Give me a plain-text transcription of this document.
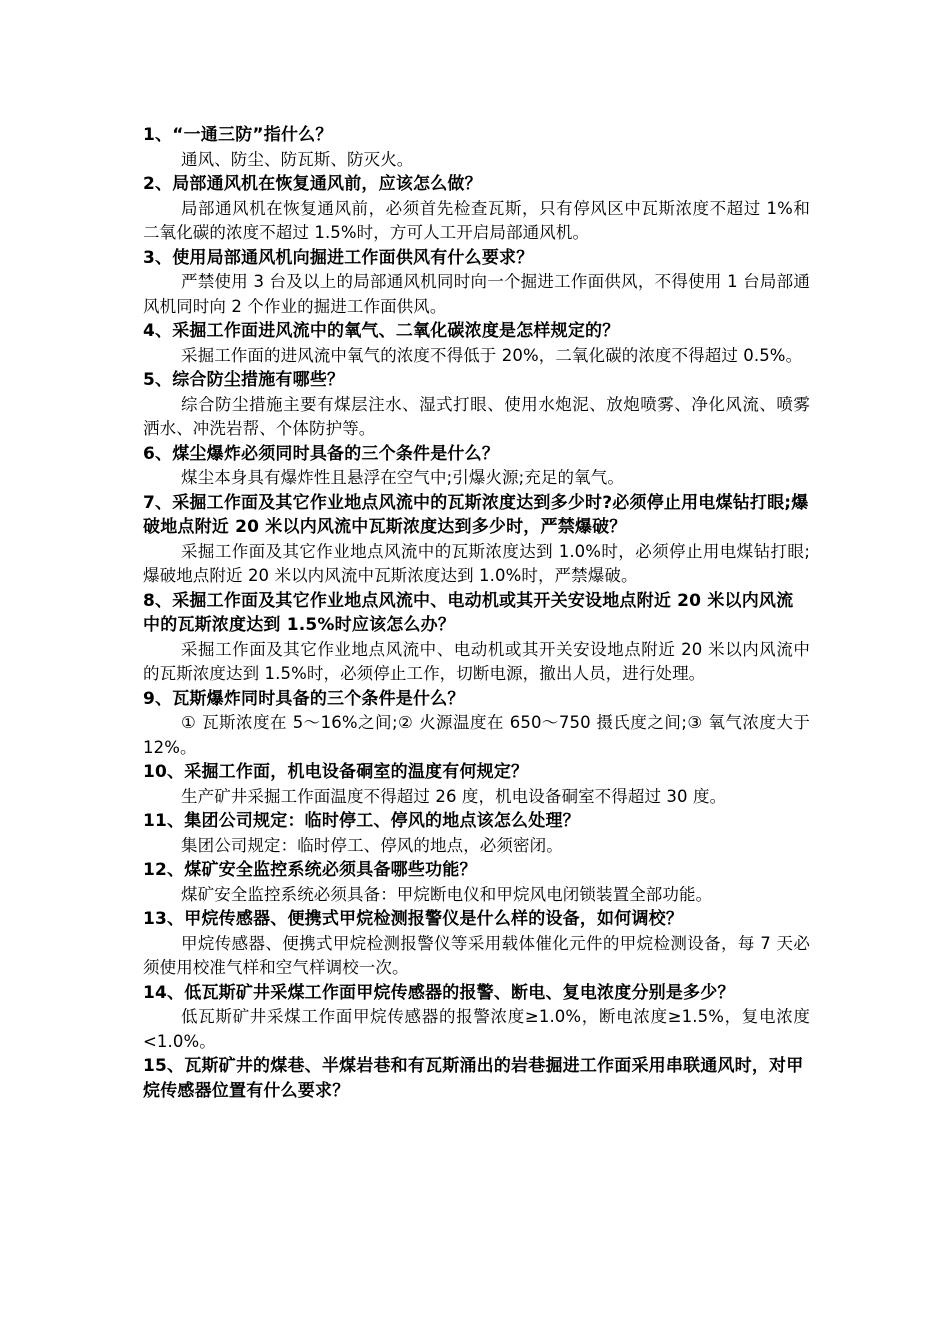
1、“一通三防”指什么？

通风、防尘、防瓦斯、防灭火。

2、局部通风机在恢复通风前，应该怎么做？

局部通风机在恢复通风前，必须首先检查瓦斯，只有停风区中瓦斯浓度不超过 1%和二氧化碳的浓度不超过 1.5%时，方可人工开启局部通风机。

3、使用局部通风机向掘进工作面供风有什么要求？

严禁使用 3 台及以上的局部通风机同时向一个掘进工作面供风，不得使用 1 台局部通风机同时向 2 个作业的掘进工作面供风。

4、采掘工作面进风流中的氧气、二氧化碳浓度是怎样规定的？

采掘工作面的进风流中氧气的浓度不得低于 20%，二氧化碳的浓度不得超过 0.5%。

5、综合防尘措施有哪些？

综合防尘措施主要有煤层注水、湿式打眼、使用水炮泥、放炮喷雾、净化风流、喷雾洒水、冲洗岩帮、个体防护等。

6、煤尘爆炸必须同时具备的三个条件是什么？

煤尘本身具有爆炸性且悬浮在空气中;引爆火源;充足的氧气。

7、采掘工作面及其它作业地点风流中的瓦斯浓度达到多少时?必须停止用电煤钻打眼;爆破地点附近 20 米以内风流中瓦斯浓度达到多少时，严禁爆破？

采掘工作面及其它作业地点风流中的瓦斯浓度达到 1.0%时，必须停止用电煤钻打眼;爆破地点附近 20 米以内风流中瓦斯浓度达到 1.0%时，严禁爆破。

8、采掘工作面及其它作业地点风流中、电动机或其开关安设地点附近 20 米以内风流中的瓦斯浓度达到 1.5%时应该怎么办？

采掘工作面及其它作业地点风流中、电动机或其开关安设地点附近 20 米以内风流中的瓦斯浓度达到 1.5%时，必须停止工作，切断电源，撤出人员，进行处理。

9、瓦斯爆炸同时具备的三个条件是什么？

① 瓦斯浓度在 5～16%之间;② 火源温度在 650～750 摄氏度之间;③ 氧气浓度大于 12%。

10、采掘工作面，机电设备硐室的温度有何规定？

生产矿井采掘工作面温度不得超过 26 度，机电设备硐室不得超过 30 度。

11、集团公司规定：临时停工、停风的地点该怎么处理？

集团公司规定：临时停工、停风的地点，必须密闭。

12、煤矿安全监控系统必须具备哪些功能？

煤矿安全监控系统必须具备：甲烷断电仪和甲烷风电闭锁装置全部功能。

13、甲烷传感器、便携式甲烷检测报警仪是什么样的设备，如何调校？

甲烷传感器、便携式甲烷检测报警仪等采用载体催化元件的甲烷检测设备，每 7 天必须使用校准气样和空气样调校一次。

14、低瓦斯矿井采煤工作面甲烷传感器的报警、断电、复电浓度分别是多少？

低瓦斯矿井采煤工作面甲烷传感器的报警浓度≥1.0%，断电浓度≥1.5%，复电浓度<1.0%。

15、瓦斯矿井的煤巷、半煤岩巷和有瓦斯涌出的岩巷掘进工作面采用串联通风时，对甲烷传感器位置有什么要求？
